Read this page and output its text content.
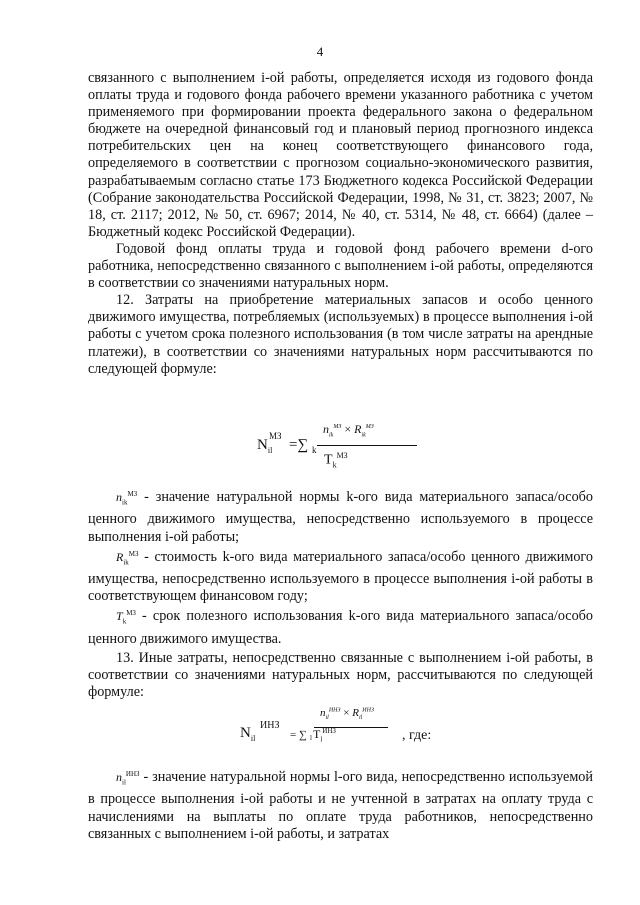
4

связанного с выполнением i-ой работы, определяется исходя из годового фонда оплаты труда и годового фонда рабочего времени указанного работника с учетом применяемого при формировании проекта федерального закона о федеральном бюджете на очередной финансовый год и плановый период прогнозного индекса потребительских цен на конец соответствующего финансового года, определяемого в соответствии с прогнозом социально-экономического развития, разрабатываемым согласно статье 173 Бюджетного кодекса Российской Федерации (Собрание законодательства Российской Федерации, 1998, № 31, ст. 3823; 2007, № 18, ст. 2117; 2012, № 50, ст. 6967; 2014, № 40, ст. 5314, № 48, ст. 6664) (далее – Бюджетный кодекс Российской Федерации).

Годовой фонд оплаты труда и годовой фонд рабочего времени d-ого работника, непосредственно связанного с выполнением i-ой работы, определяются в соответствии со значениями натуральных норм.

12. Затраты на приобретение материальных запасов и особо ценного движимого имущества, потребляемых (используемых) в процессе выполнения i-ой работы с учетом срока полезного использования (в том числе затраты на арендные платежи), в соответствии со значениями натуральных норм рассчитываются по следующей формуле:

$N_{il}$
МЗ
=∑ k
$n_{ik}^{МЗ} \times R_{ik}^{МЗ}$
$T_k^{МЗ}$

$n_{ik}^{МЗ}$ - значение натуральной нормы k-ого вида материального запаса/особо ценного движимого имущества, непосредственно используемого в процессе выполнения i-ой работы;

$R_{ik}^{МЗ}$ - стоимость k-ого вида материального запаса/особо ценного движимого имущества, непосредственно используемого в процессе выполнения i-ой работы в соответствующем финансовом году;

$T_k^{МЗ}$ - срок полезного использования k-ого вида материального запаса/особо ценного движимого имущества.

13. Иные затраты, непосредственно связанные с выполнением i-ой работы, в соответствии со значениями натуральных норм, рассчитываются по следующей формуле:

$N_{il}$
ИНЗ
= ∑ l
$n_{il}^{ИНЗ} \times R_{il}^{ИНЗ}$
$T_l^{ИНЗ}$	, где:

$n_{il}^{ИНЗ}$ - значение натуральной нормы l-ого вида, непосредственно используемой в процессе выполнения i-ой работы и не учтенной в затратах на оплату труда с начислениями на выплаты по оплате труда работников, непосредственно связанных с выполнением i-ой работы, и затратах
